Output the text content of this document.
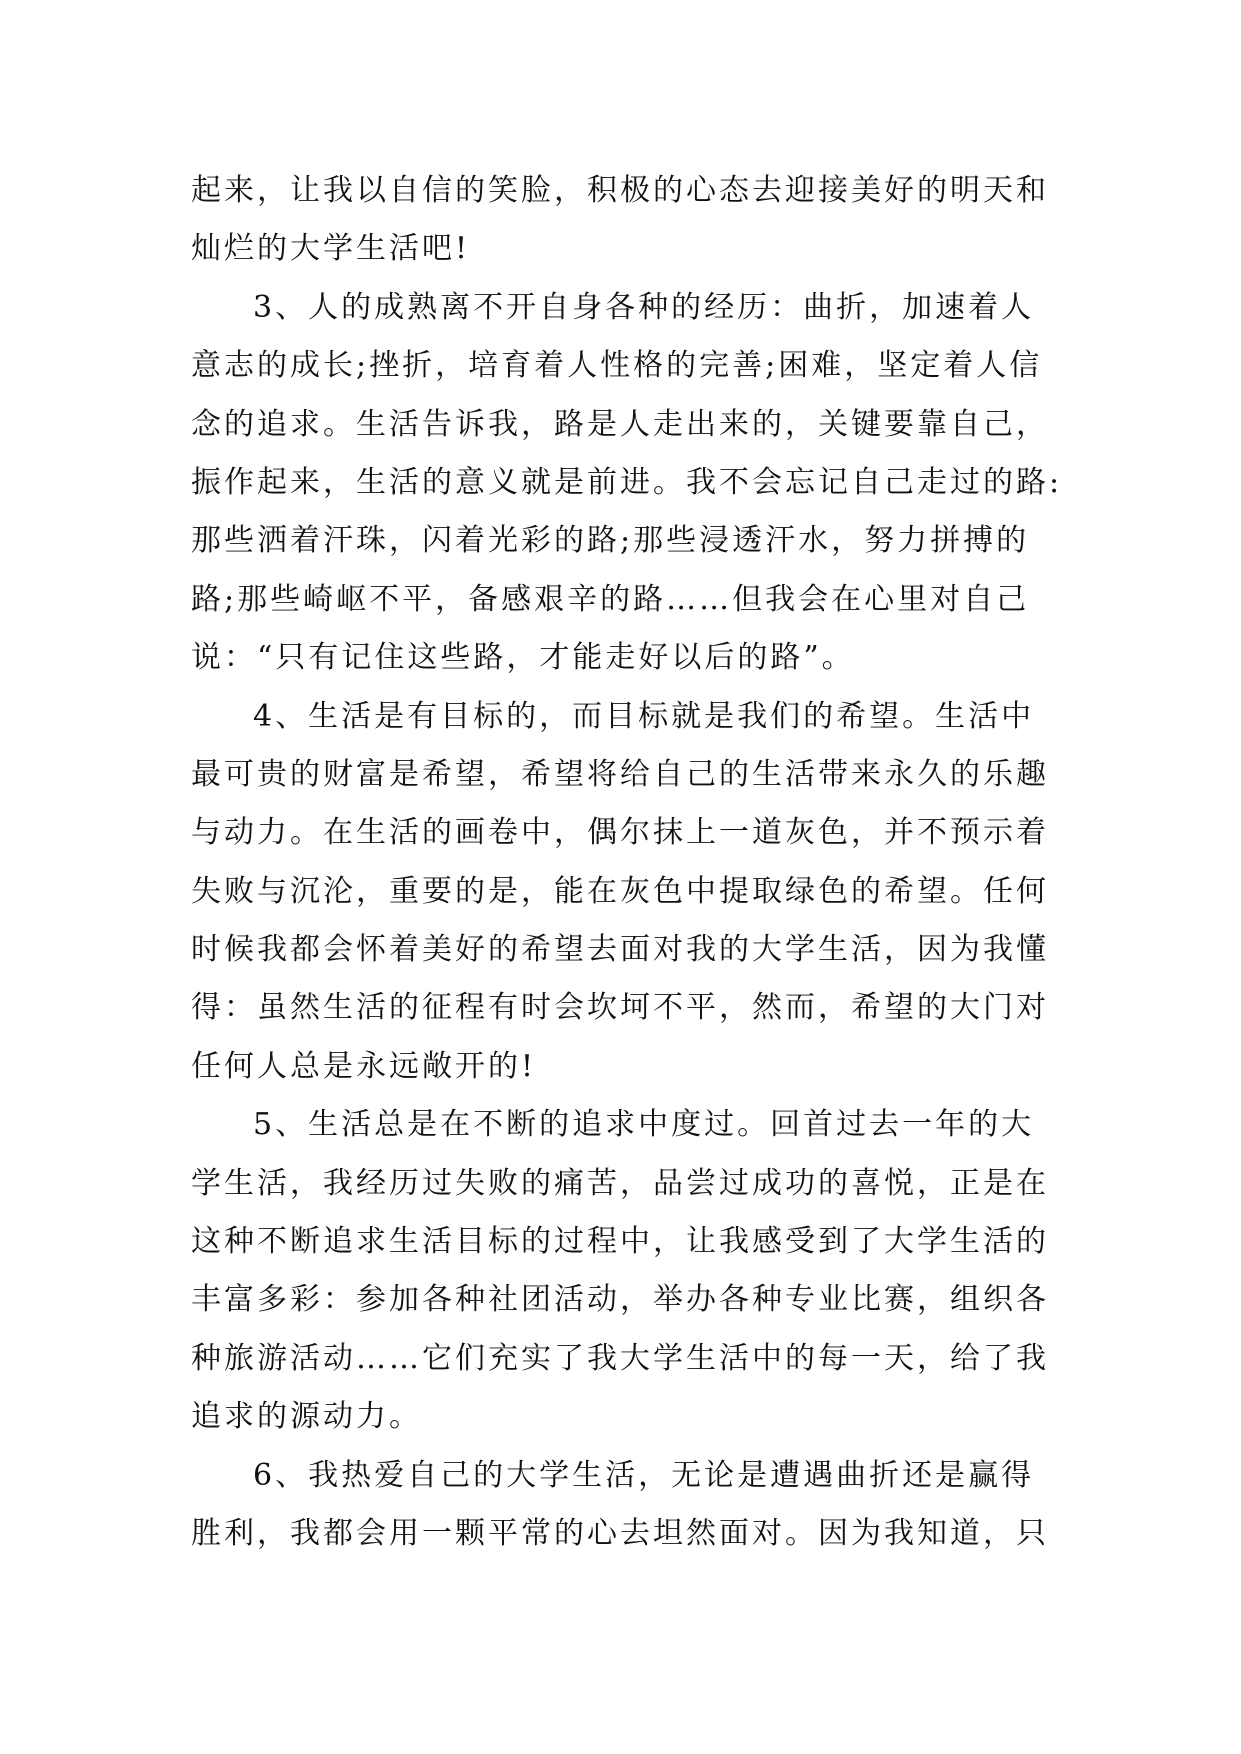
起来，让我以自信的笑脸，积极的心态去迎接美好的明天和
灿烂的大学生活吧!
3、人的成熟离不开自身各种的经历：曲折，加速着人
意志的成长;挫折，培育着人性格的完善;困难，坚定着人信
念的追求。生活告诉我，路是人走出来的，关键要靠自己，
振作起来，生活的意义就是前进。我不会忘记自己走过的路:
那些洒着汗珠，闪着光彩的路;那些浸透汗水，努力拼搏的
路;那些崎岖不平，备感艰辛的路……但我会在心里对自己
说：“只有记住这些路，才能走好以后的路”。
4、生活是有目标的，而目标就是我们的希望。生活中
最可贵的财富是希望，希望将给自己的生活带来永久的乐趣
与动力。在生活的画卷中，偶尔抹上一道灰色，并不预示着
失败与沉沦，重要的是，能在灰色中提取绿色的希望。任何
时候我都会怀着美好的希望去面对我的大学生活，因为我懂
得：虽然生活的征程有时会坎坷不平，然而，希望的大门对
任何人总是永远敞开的!
5、生活总是在不断的追求中度过。回首过去一年的大
学生活，我经历过失败的痛苦，品尝过成功的喜悦，正是在
这种不断追求生活目标的过程中，让我感受到了大学生活的
丰富多彩：参加各种社团活动，举办各种专业比赛，组织各
种旅游活动……它们充实了我大学生活中的每一天，给了我
追求的源动力。
6、我热爱自己的大学生活，无论是遭遇曲折还是赢得
胜利，我都会用一颗平常的心去坦然面对。因为我知道，只
